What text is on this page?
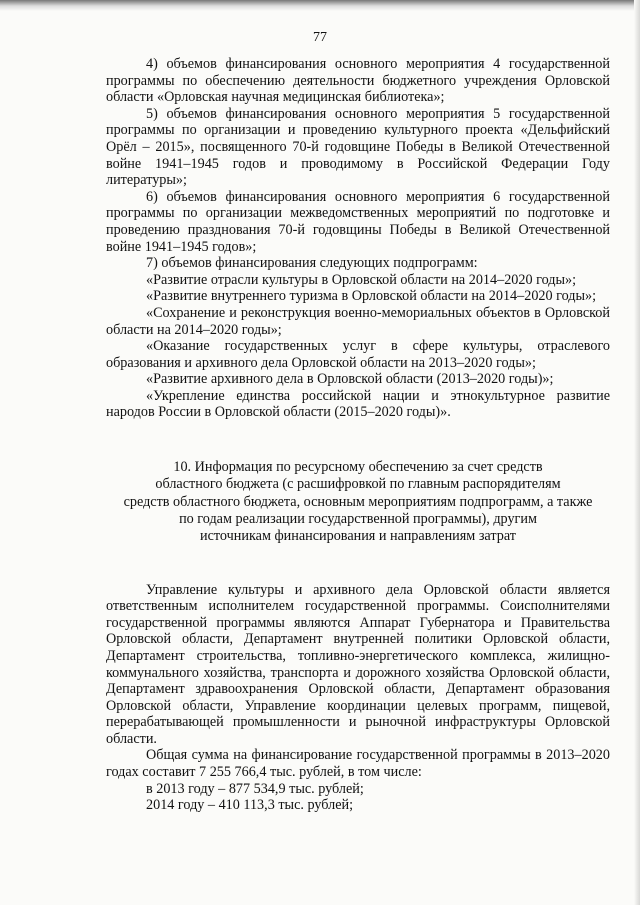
77

4) объемов финансирования основного мероприятия 4 государственной программы по обеспечению деятельности бюджетного учреждения Орловской области «Орловская научная медицинская библиотека»;

5) объемов финансирования основного мероприятия 5 государственной программы по организации и проведению культурного проекта «Дельфийский Орёл – 2015», посвященного 70-й годовщине Победы в Великой Отечественной войне 1941–1945 годов и проводимому в Российской Федерации Году литературы»;

6) объемов финансирования основного мероприятия 6 государственной программы по организации межведомственных мероприятий по подготовке и проведению празднования 70-й годовщины Победы в Великой Отечественной войне 1941–1945 годов»;

7) объемов финансирования следующих подпрограмм:

«Развитие отрасли культуры в Орловской области на 2014–2020 годы»;

«Развитие внутреннего туризма в Орловской области на 2014–2020 годы»;

«Сохранение и реконструкция военно-мемориальных объектов в Орловской области на 2014–2020 годы»;

«Оказание государственных услуг в сфере культуры, отраслевого образования и архивного дела Орловской области на 2013–2020 годы»;

«Развитие архивного дела в Орловской области (2013–2020 годы)»;

«Укрепление единства российской нации и этнокультурное развитие народов России в Орловской области (2015–2020 годы)».

10. Информация по ресурсному обеспечению за счет средств
областного бюджета (с расшифровкой по главным распорядителям
средств областного бюджета, основным мероприятиям подпрограмм, а также
по годам реализации государственной программы), другим
источникам финансирования и направлениям затрат

Управление культуры и архивного дела Орловской области является ответственным исполнителем государственной программы. Соисполнителями государственной программы являются Аппарат Губернатора и Правительства Орловской области, Департамент внутренней политики Орловской области, Департамент строительства, топливно-энергетического комплекса, жилищно-коммунального хозяйства, транспорта и дорожного хозяйства Орловской области, Департамент здравоохранения Орловской области, Департамент образования Орловской области, Управление координации целевых программ, пищевой, перерабатывающей промышленности и рыночной инфраструктуры Орловской области.

Общая сумма на финансирование государственной программы в 2013–2020 годах составит 7 255 766,4 тыс. рублей, в том числе:

в 2013 году – 877 534,9 тыс. рублей;

2014 году – 410 113,3 тыс. рублей;
